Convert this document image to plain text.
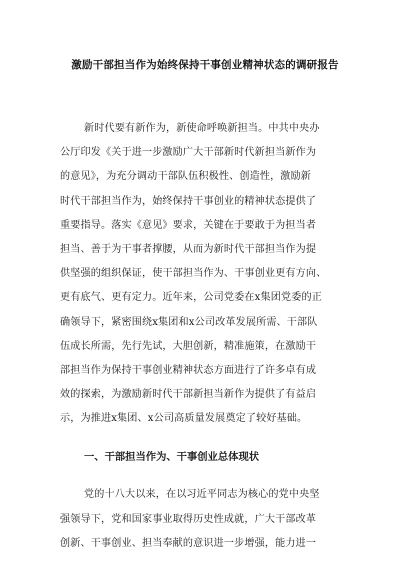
激励干部担当作为始终保持干事创业精神状态的调研报告
新时代要有新作为，新使命呼唤新担当。中共中央办
公厅印发《关于进一步激励广大干部新时代新担当新作为
的意见》，为充分调动干部队伍积极性、创造性，激励新
时代干部担当作为，始终保持干事创业的精神状态提供了
重要指导。落实《意见》要求，关键在于要敢于为担当者
担当、善于为干事者撑腰，从而为新时代干部担当作为提
供坚强的组织保证，使干部担当作为、干事创业更有方向、
更有底气、更有定力。近年来，公司党委在x集团党委的正
确领导下，紧密围绕x集团和x公司改革发展所需、干部队
伍成长所需，先行先试，大胆创新，精准施策，在激励干
部担当作为保持干事创业精神状态方面进行了许多卓有成
效的探索，为激励新时代干部新担当新作为提供了有益启
示，为推进x集团、x公司高质量发展奠定了较好基础。
一、干部担当作为、干事创业总体现状
党的十八大以来，在以习近平同志为核心的党中央坚
强领导下，党和国家事业取得历史性成就，广大干部改革
创新、干事创业、担当奉献的意识进一步增强，能力进一
